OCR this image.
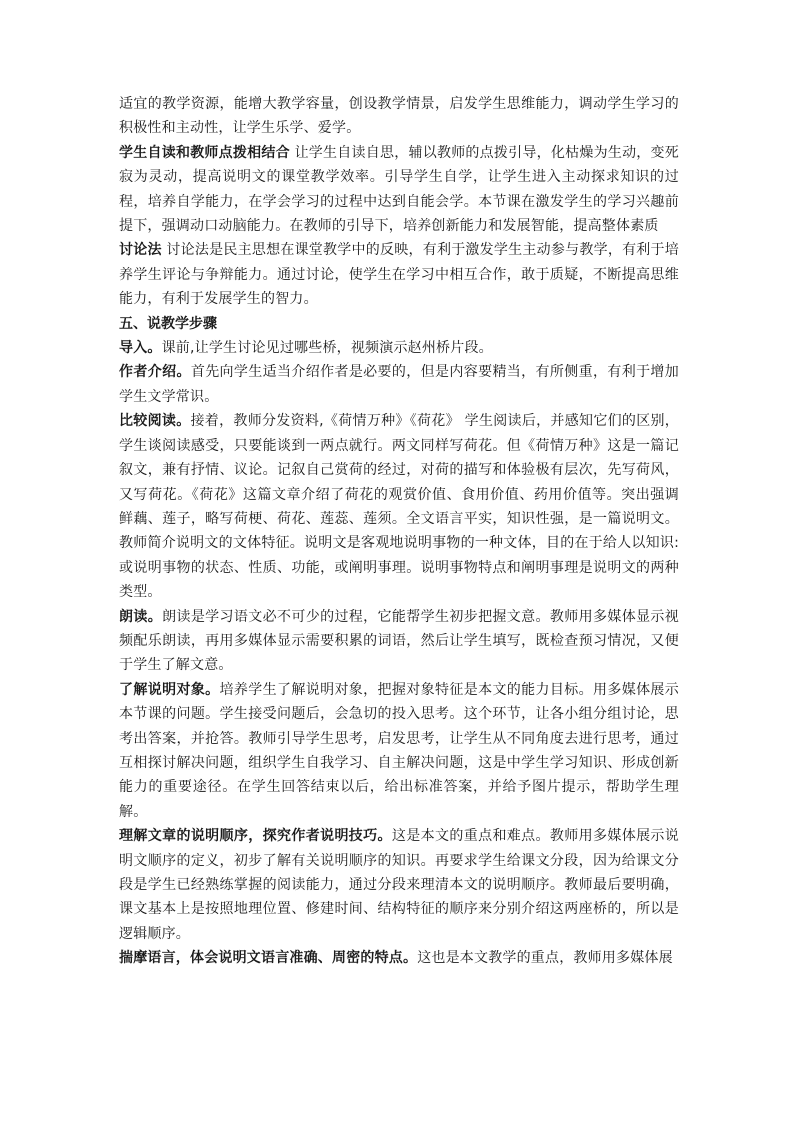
适宜的教学资源，能增大教学容量，创设教学情景，启发学生思维能力，调动学生学习的积极性和主动性，让学生乐学、爱学。

学生自读和教师点拨相结合 让学生自读自思，辅以教师的点拨引导，化枯燥为生动，变死寂为灵动，提高说明文的课堂教学效率。引导学生自学，让学生进入主动探求知识的过程，培养自学能力，在学会学习的过程中达到自能会学。本节课在激发学生的学习兴趣前提下，强调动口动脑能力。在教师的引导下，培养创新能力和发展智能，提高整体素质

讨论法 讨论法是民主思想在课堂教学中的反映，有利于激发学生主动参与教学，有利于培养学生评论与争辩能力。通过讨论，使学生在学习中相互合作，敢于质疑，不断提高思维能力，有利于发展学生的智力。

五、说教学步骤

导入。课前,让学生讨论见过哪些桥，视频演示赵州桥片段。

作者介绍。首先向学生适当介绍作者是必要的，但是内容要精当，有所侧重，有利于增加学生文学常识。

比较阅读。接着，教师分发资料,《荷情万种》《荷花》 学生阅读后，并感知它们的区别，学生谈阅读感受，只要能谈到一两点就行。两文同样写荷花。但《荷情万种》这是一篇记叙文，兼有抒情、议论。记叙自己赏荷的经过，对荷的描写和体验极有层次，先写荷风，又写荷花。《荷花》这篇文章介绍了荷花的观赏价值、食用价值、药用价值等。突出强调鲜藕、莲子，略写荷梗、荷花、莲蕊、莲须。全文语言平实，知识性强，是一篇说明文。教师简介说明文的文体特征。说明文是客观地说明事物的一种文体，目的在于给人以知识: 或说明事物的状态、性质、功能，或阐明事理。说明事物特点和阐明事理是说明文的两种类型。

朗读。朗读是学习语文必不可少的过程，它能帮学生初步把握文意。教师用多媒体显示视频配乐朗读，再用多媒体显示需要积累的词语，然后让学生填写，既检查预习情况，又便于学生了解文意。

了解说明对象。培养学生了解说明对象，把握对象特征是本文的能力目标。用多媒体展示本节课的问题。学生接受问题后，会急切的投入思考。这个环节，让各小组分组讨论，思考出答案，并抢答。教师引导学生思考，启发思考，让学生从不同角度去进行思考，通过互相探讨解决问题，组织学生自我学习、自主解决问题，这是中学生学习知识、形成创新能力的重要途径。在学生回答结束以后，给出标准答案，并给予图片提示，帮助学生理解。

理解文章的说明顺序，探究作者说明技巧。这是本文的重点和难点。教师用多媒体展示说明文顺序的定义，初步了解有关说明顺序的知识。再要求学生给课文分段，因为给课文分段是学生已经熟练掌握的阅读能力，通过分段来理清本文的说明顺序。教师最后要明确，课文基本上是按照地理位置、修建时间、结构特征的顺序来分别介绍这两座桥的，所以是逻辑顺序。

揣摩语言，体会说明文语言准确、周密的特点。这也是本文教学的重点，教师用多媒体展
